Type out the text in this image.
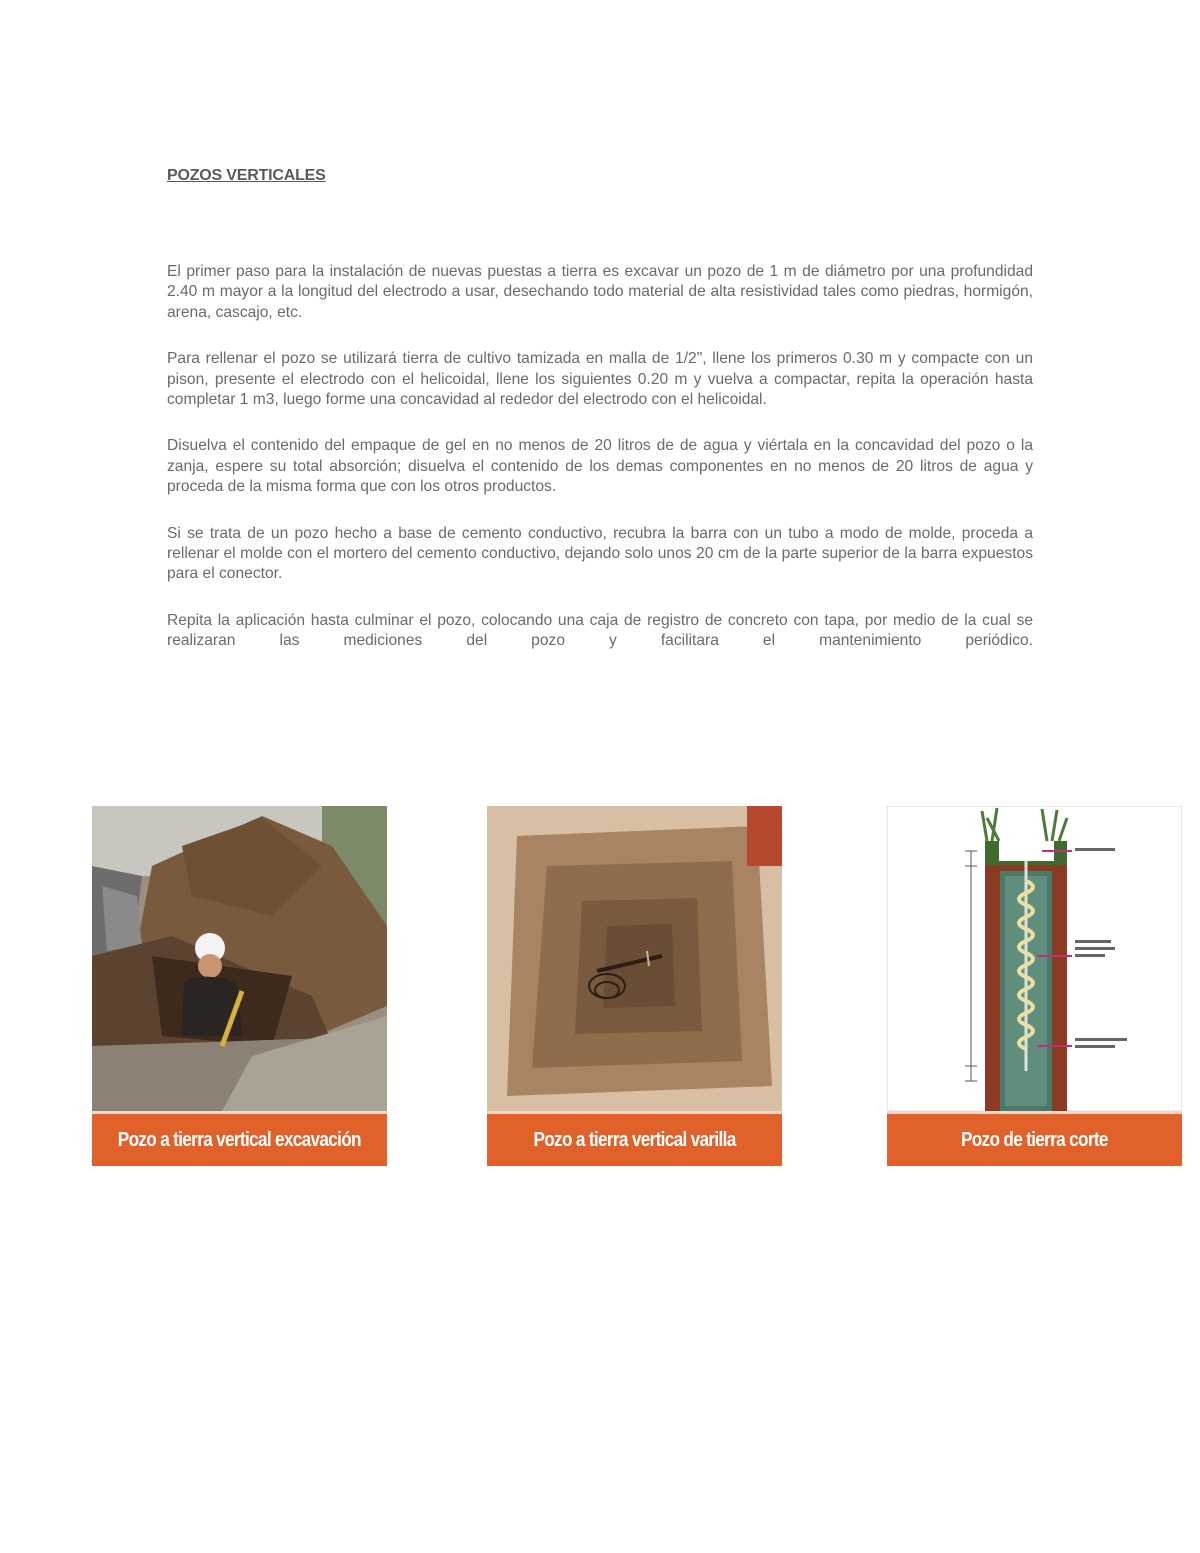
POZOS VERTICALES

El primer paso para la instalación de nuevas puestas a tierra es excavar un pozo de 1 m de diámetro por una profundidad 2.40 m mayor a la longitud del electrodo a usar, desechando todo material de alta resistividad tales como piedras, hormigón, arena, cascajo, etc.

Para rellenar el pozo se utilizará tierra de cultivo tamizada en malla de 1/2", llene los primeros 0.30 m y compacte con un pison, presente el electrodo con el helicoidal, llene los siguientes 0.20 m y vuelva a compactar, repita la operación hasta completar 1 m3, luego forme una concavidad al rededor del electrodo con el helicoidal.

Disuelva el contenido del empaque de gel en no menos de 20 litros de de agua y viértala en la concavidad del pozo o la zanja, espere su total absorción; disuelva el contenido de los demas componentes en no menos de 20 litros de agua y proceda de la misma forma que con los otros productos.

Si se trata de un pozo hecho a base de cemento conductivo, recubra la barra con un tubo a modo de molde, proceda a rellenar el molde con el mortero del cemento conductivo, dejando solo unos 20 cm de la parte superior de la barra expuestos para el conector.

Repita la aplicación hasta culminar el pozo, colocando una caja de registro de concreto con tapa, por medio de la cual se realizaran las mediciones del pozo y facilitara el mantenimiento periódico.

Pozo a tierra vertical excavación	Pozo a tierra vertical varilla	Pozo de tierra corte
